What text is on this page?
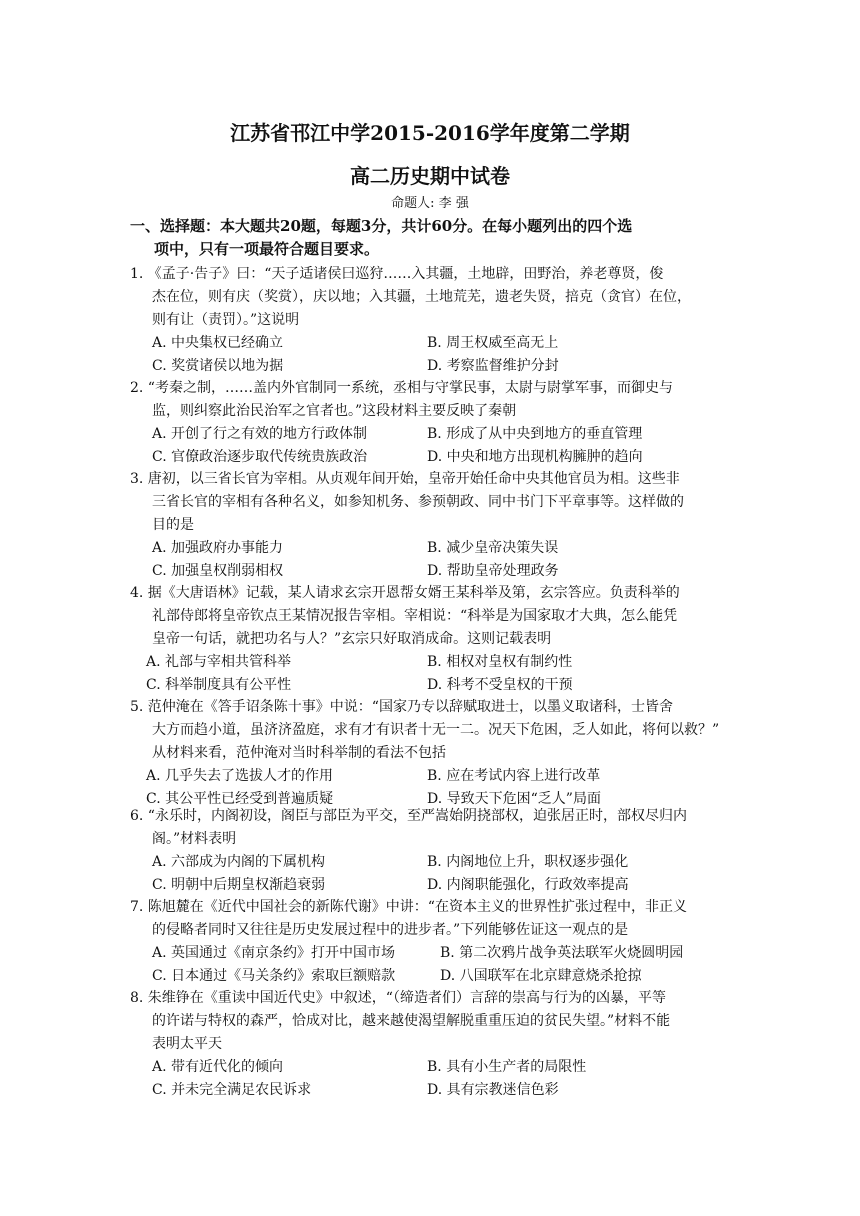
江苏省邗江中学2015-2016学年度第二学期
高二历史期中试卷
命题人: 李 强
一、选择题：本大题共20题，每题3分，共计60分。在每小题列出的四个选
项中，只有一项最符合题目要求。
1. 《孟子·告子》曰：“天子适诸侯曰巡狩……入其疆，土地辟，田野治，养老尊贤，俊
杰在位，则有庆（奖赏），庆以地；入其疆，土地荒芜，遗老失贤，掊克（贪官）在位，
则有让（责罚）。”这说明
A. 中央集权已经确立	B. 周王权威至高无上
C. 奖赏诸侯以地为据	D. 考察监督维护分封
2. “考秦之制，……盖内外官制同一系统，丞相与守掌民事，太尉与尉掌军事，而御史与
监，则纠察此治民治军之官者也。”这段材料主要反映了秦朝
A. 开创了行之有效的地方行政体制	B. 形成了从中央到地方的垂直管理
C. 官僚政治逐步取代传统贵族政治	D. 中央和地方出现机构臃肿的趋向
3. 唐初，以三省长官为宰相。从贞观年间开始，皇帝开始任命中央其他官员为相。这些非
三省长官的宰相有各种名义，如参知机务、参预朝政、同中书门下平章事等。这样做的
目的是
A. 加强政府办事能力	B. 减少皇帝决策失误
C. 加强皇权削弱相权	D. 帮助皇帝处理政务
4. 据《大唐语林》记载，某人请求玄宗开恩帮女婿王某科举及第，玄宗答应。负责科举的
礼部侍郎将皇帝钦点王某情况报告宰相。宰相说：“科举是为国家取才大典，怎么能凭
皇帝一句话，就把功名与人？”玄宗只好取消成命。这则记载表明
A. 礼部与宰相共管科举	B. 相权对皇权有制约性
C. 科举制度具有公平性	D. 科考不受皇权的干预
5. 范仲淹在《答手诏条陈十事》中说：“国家乃专以辞赋取进士，以墨义取诸科，士皆舍
大方而趋小道，虽济济盈庭，求有才有识者十无一二。况天下危困，乏人如此，将何以救？”
从材料来看，范仲淹对当时科举制的看法不包括
A. 几乎失去了选拔人才的作用	B. 应在考试内容上进行改革
C. 其公平性已经受到普遍质疑	D. 导致天下危困“乏人”局面
6. “永乐时，内阁初设，阁臣与部臣为平交，至严嵩始阴挠部权，迫张居正时，部权尽归内
阁。”材料表明
A. 六部成为内阁的下属机构	B. 内阁地位上升，职权逐步强化
C. 明朝中后期皇权渐趋衰弱	D. 内阁职能强化，行政效率提高
7. 陈旭麓在《近代中国社会的新陈代谢》中讲：“在资本主义的世界性扩张过程中，非正义
的侵略者同时又往往是历史发展过程中的进步者。”下列能够佐证这一观点的是
A. 英国通过《南京条约》打开中国市场	B. 第二次鸦片战争英法联军火烧圆明园
C. 日本通过《马关条约》索取巨额赔款	D. 八国联军在北京肆意烧杀抢掠
8. 朱维铮在《重读中国近代史》中叙述，“（缔造者们）言辞的崇高与行为的凶暴，平等
的许诺与特权的森严，恰成对比，越来越使渴望解脱重重压迫的贫民失望。”材料不能
表明太平天
A. 带有近代化的倾向	B. 具有小生产者的局限性
C. 并未完全满足农民诉求	D. 具有宗教迷信色彩
